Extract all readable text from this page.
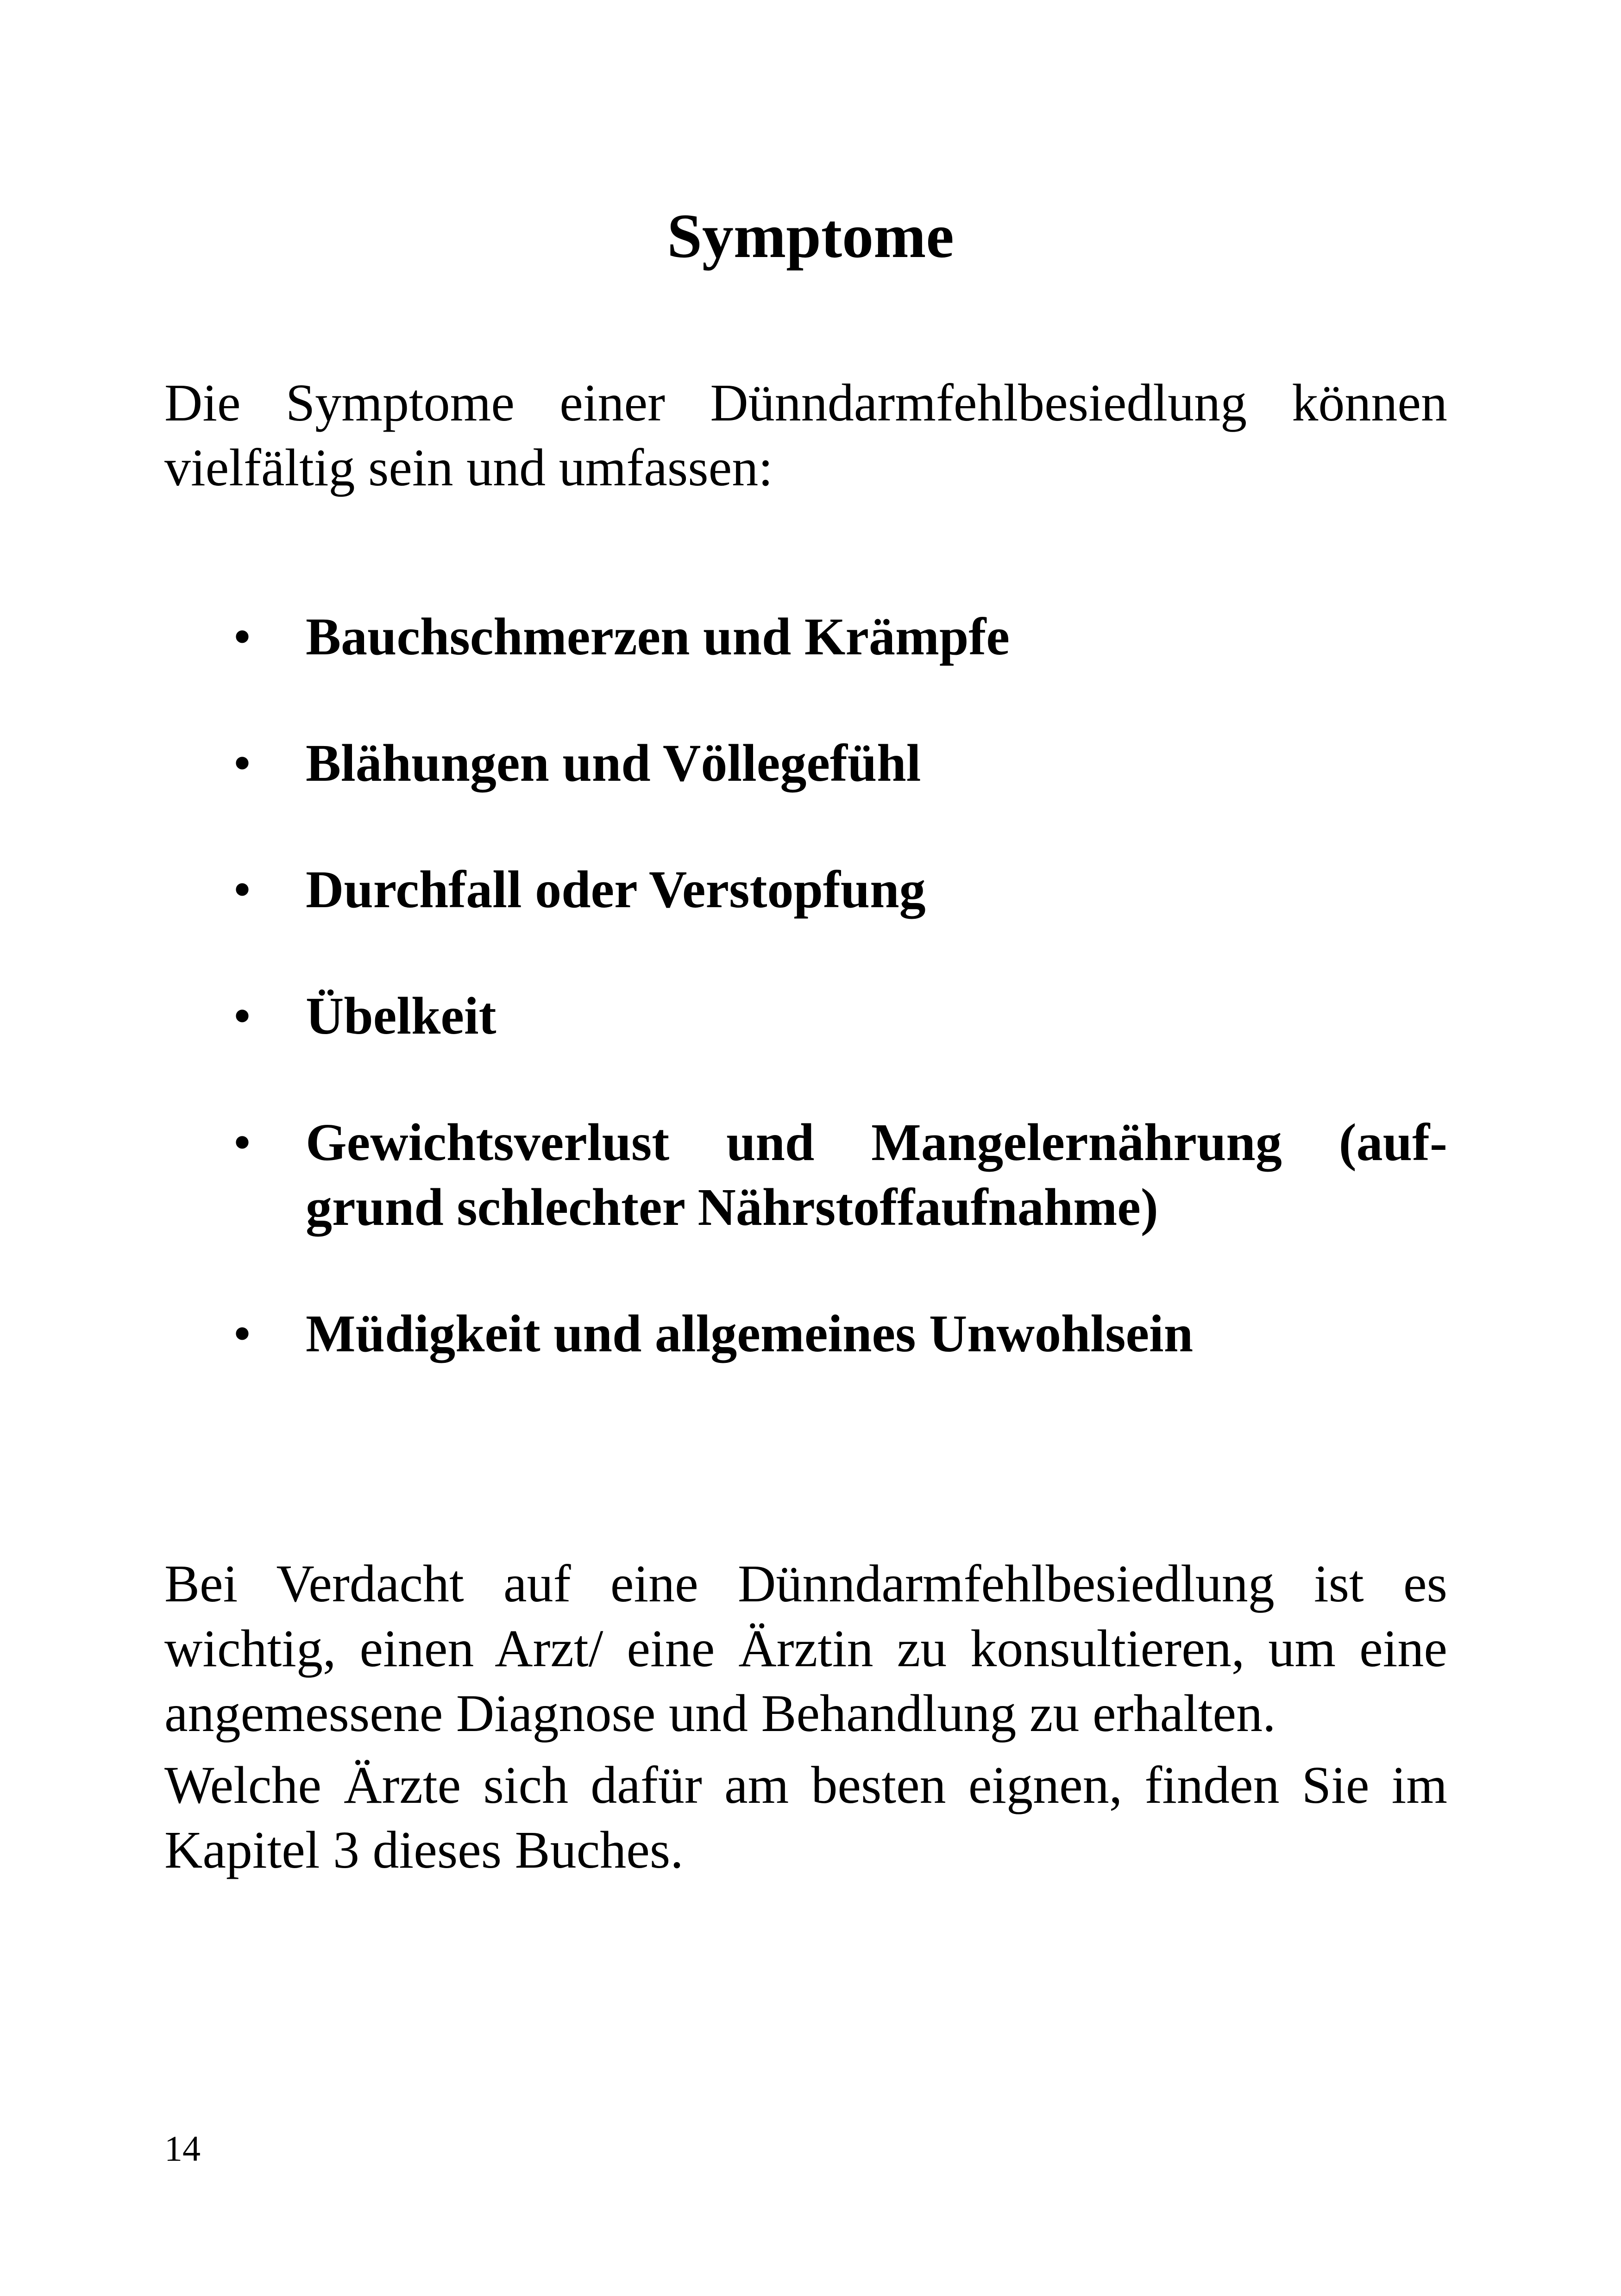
Symptome

Die Symptome einer Dünndarmfehlbesiedlung können vielfältig sein und umfassen:

• Bauchschmerzen und Krämpfe
• Blähungen und Völlegefühl
• Durchfall oder Verstopfung
• Übelkeit
• Gewichtsverlust und Mangelernährung (auf-grund schlechter Nährstoffaufnahme)
• Müdigkeit und allgemeines Unwohlsein

Bei Verdacht auf eine Dünndarmfehlbesiedlung ist es wichtig, einen Arzt/ eine Ärztin zu konsultieren, um eine angemessene Diagnose und Behandlung zu erhalten.

Welche Ärzte sich dafür am besten eignen, finden Sie im Kapitel 3 dieses Buches.

14
